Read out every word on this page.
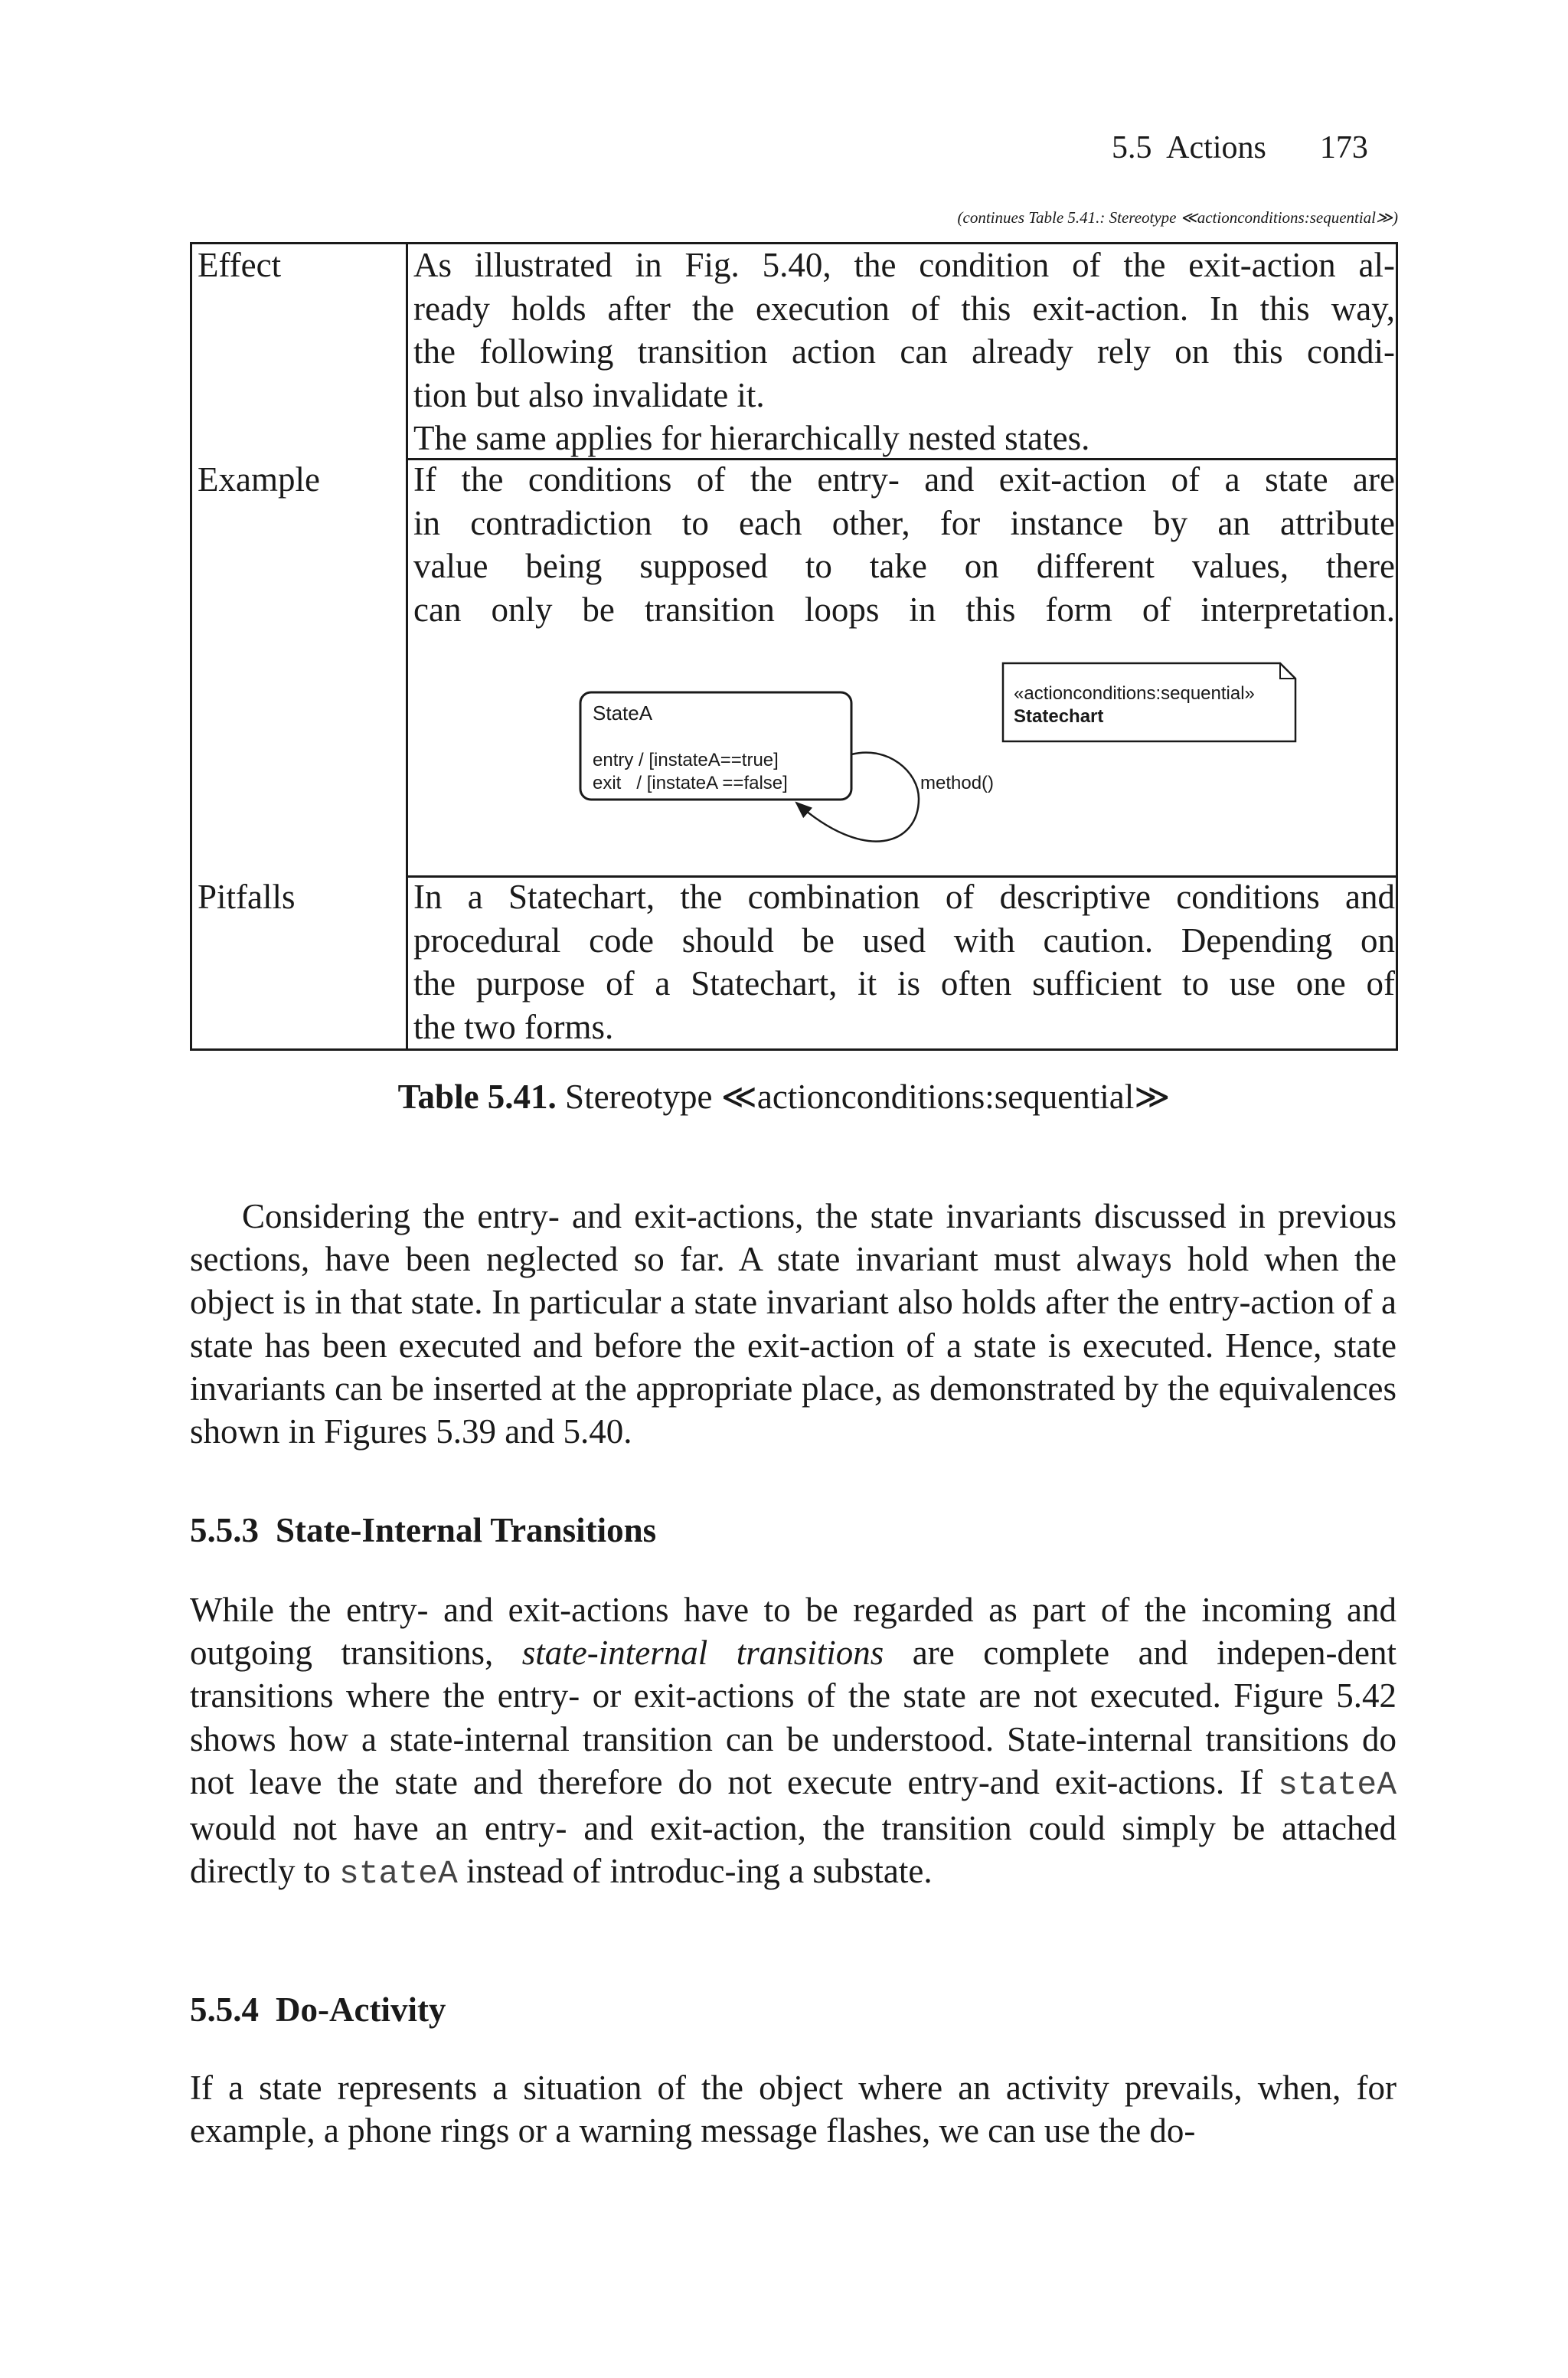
5.5  Actions 173
(continues Table 5.41.: Stereotype ≪actionconditions:sequential≫)
Effect	As illustrated in Fig. 5.40, the condition of the exit-action al-
ready holds after the execution of this exit-action. In this way,
the following transition action can already rely on this condi-
tion but also invalidate it.
The same applies for hierarchically nested states.
Example	If the conditions of the entry- and exit-action of a state are
in contradiction to each other, for instance by an attribute
value being supposed to take on different values, there
can only be transition loops in this form of interpretation.
StateA
entry / [instateA==true]
exit   / [instateA ==false]	method()
«actionconditions:sequential»
Statechart
Pitfalls	In a Statechart, the combination of descriptive conditions and
procedural code should be used with caution. Depending on
the purpose of a Statechart, it is often sufficient to use one of
the two forms.
Table 5.41. Stereotype ≪actionconditions:sequential≫
Considering the entry- and exit-actions, the state invariants discussed in previous sections, have been neglected so far. A state invariant must always hold when the object is in that state. In particular a state invariant also holds after the entry-action of a state has been executed and before the exit-action of a state is executed. Hence, state invariants can be inserted at the appropriate place, as demonstrated by the equivalences shown in Figures 5.39 and 5.40.
5.5.3 State-Internal Transitions
While the entry- and exit-actions have to be regarded as part of the incoming and outgoing transitions, state-internal transitions are complete and indepen-dent transitions where the entry- or exit-actions of the state are not executed. Figure 5.42 shows how a state-internal transition can be understood. State-internal transitions do not leave the state and therefore do not execute entry-and exit-actions. If stateA would not have an entry- and exit-action, the transition could simply be attached directly to stateA instead of introduc-ing a substate.
5.5.4 Do-Activity
If a state represents a situation of the object where an activity prevails, when, for example, a phone rings or a warning message flashes, we can use the do-
